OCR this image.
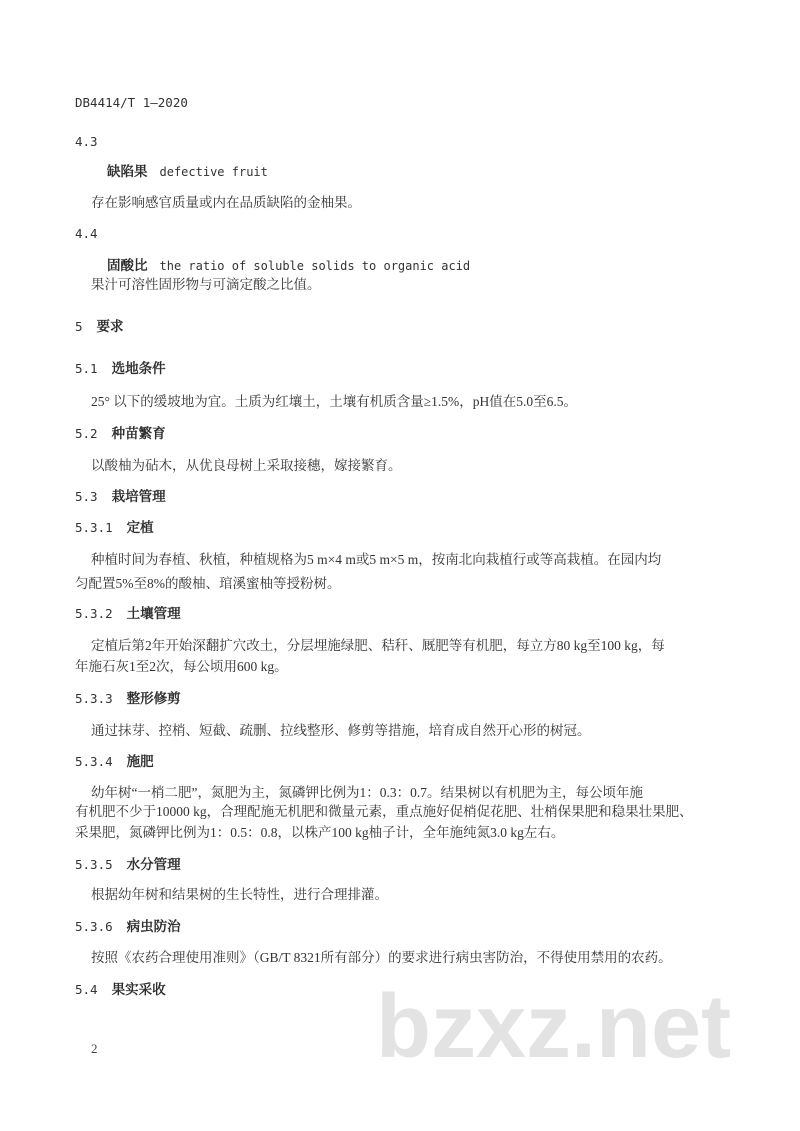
DB4414/T 1—2020
4.3
缺陷果 defective fruit
存在影响感官质量或内在品质缺陷的金柚果。
4.4
固酸比 the ratio of soluble solids to organic acid
果汁可溶性固形物与可滴定酸之比值。
5 要求
5.1 选地条件
25° 以下的缓坡地为宜。土质为红壤土，土壤有机质含量≥1.5%，pH值在5.0至6.5。
5.2 种苗繁育
以酸柚为砧木，从优良母树上采取接穗，嫁接繁育。
5.3 栽培管理
5.3.1 定植
种植时间为春植、秋植，种植规格为5 m×4 m或5 m×5 m，按南北向栽植行或等高栽植。在园内均
匀配置5%至8%的酸柚、琯溪蜜柚等授粉树。
5.3.2 土壤管理
定植后第2年开始深翻扩穴改土，分层埋施绿肥、秸秆、厩肥等有机肥，每立方80 kg至100 kg，每
年施石灰1至2次，每公顷用600 kg。
5.3.3 整形修剪
通过抹芽、控梢、短截、疏删、拉线整形、修剪等措施，培育成自然开心形的树冠。
5.3.4 施肥
幼年树“一梢二肥”，氮肥为主，氮磷钾比例为1：0.3：0.7。结果树以有机肥为主，每公顷年施
有机肥不少于10000 kg，合理配施无机肥和微量元素，重点施好促梢促花肥、壮梢保果肥和稳果壮果肥、
采果肥，氮磷钾比例为1：0.5：0.8，以株产100 kg柚子计，全年施纯氮3.0 kg左右。
5.3.5 水分管理
根据幼年树和结果树的生长特性，进行合理排灌。
5.3.6 病虫防治
按照《农药合理使用准则》（GB/T 8321所有部分）的要求进行病虫害防治，不得使用禁用的农药。
5.4 果实采收 bzxz.net
2
